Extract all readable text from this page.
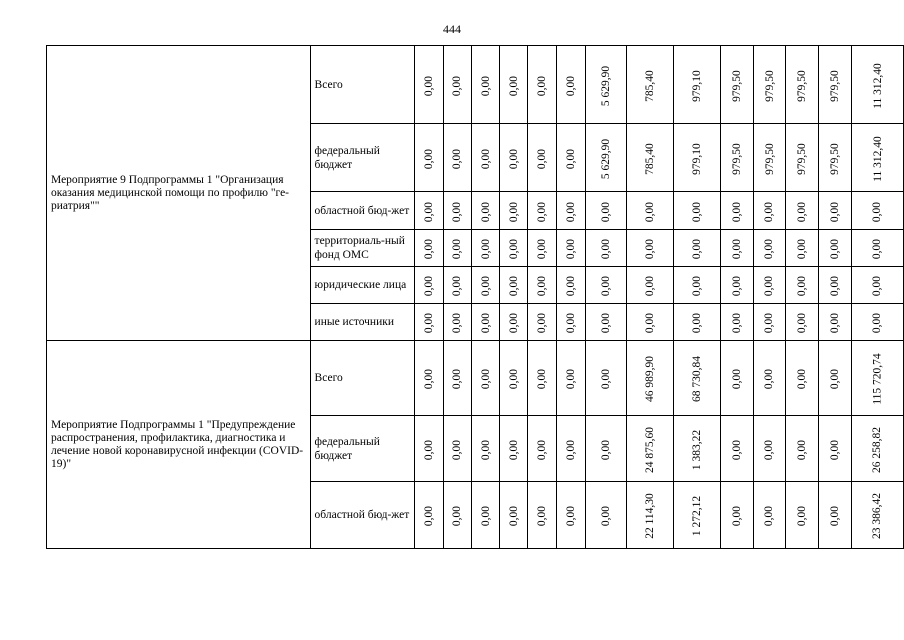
444
Мероприятие 9 Подпрограммы 1 "Организация оказания медицинской помощи по профилю "ге-риатрия""	Всего	0,00	0,00	0,00	0,00	0,00	0,00	5 629,90	785,40	979,10	979,50	979,50	979,50	979,50	11 312,40
	федеральный бюджет	0,00	0,00	0,00	0,00	0,00	0,00	5 629,90	785,40	979,10	979,50	979,50	979,50	979,50	11 312,40
	областной бюд-жет	0,00	0,00	0,00	0,00	0,00	0,00	0,00	0,00	0,00	0,00	0,00	0,00	0,00	0,00
	территориаль-ный фонд ОМС	0,00	0,00	0,00	0,00	0,00	0,00	0,00	0,00	0,00	0,00	0,00	0,00	0,00	0,00
	юридические лица	0,00	0,00	0,00	0,00	0,00	0,00	0,00	0,00	0,00	0,00	0,00	0,00	0,00	0,00
	иные источники	0,00	0,00	0,00	0,00	0,00	0,00	0,00	0,00	0,00	0,00	0,00	0,00	0,00	0,00
Мероприятие Подпрограммы 1 "Предупреждение распространения, профилактика, диагностика и лечение новой коронавирусной инфекции (COVID-19)"	Всего	0,00	0,00	0,00	0,00	0,00	0,00	0,00	46 989,90	68 730,84	0,00	0,00	0,00	0,00	115 720,74
	федеральный бюджет	0,00	0,00	0,00	0,00	0,00	0,00	0,00	24 875,60	1 383,22	0,00	0,00	0,00	0,00	26 258,82
	областной бюд-жет	0,00	0,00	0,00	0,00	0,00	0,00	0,00	22 114,30	1 272,12	0,00	0,00	0,00	0,00	23 386,42
